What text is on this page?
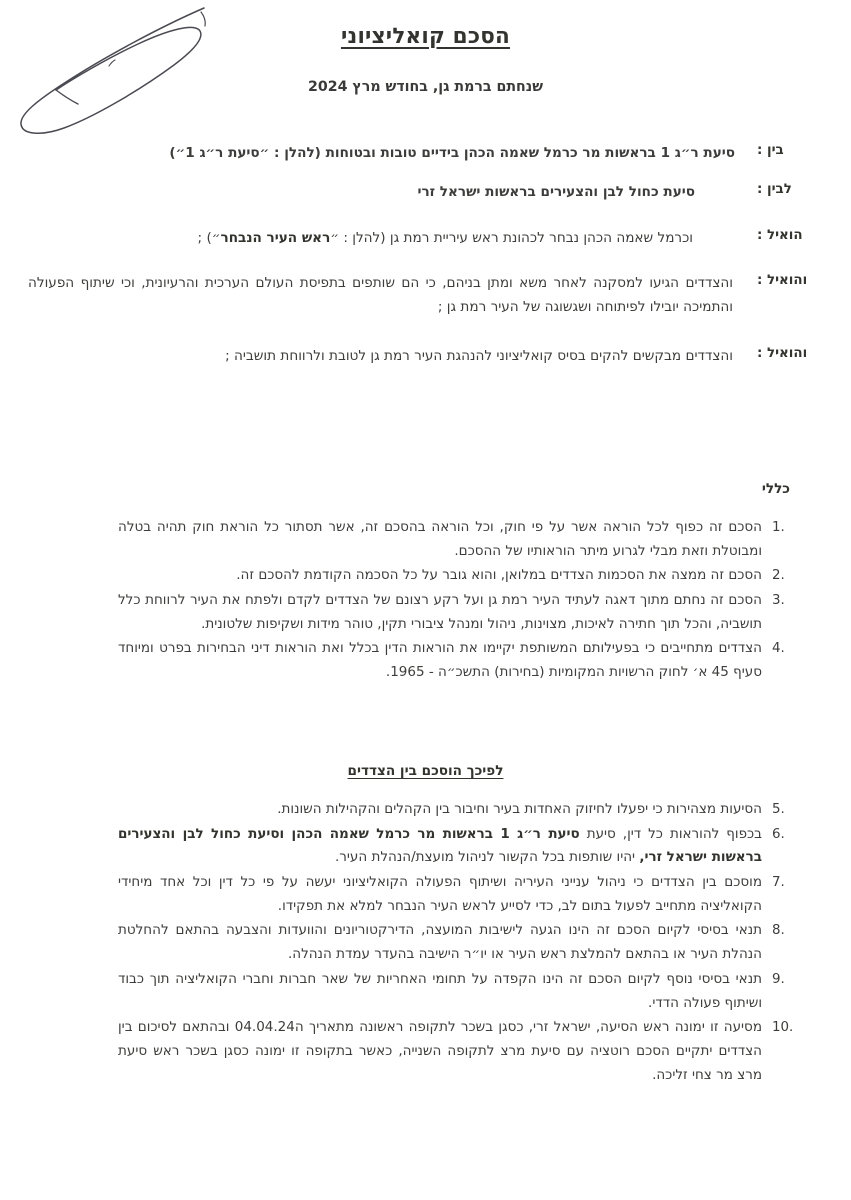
הסכם קואליציוני
שנחתם ברמת גן, בחודש מרץ 2024
בין :
סיעת ר״ג 1 בראשות מר כרמל שאמה הכהן בידיים טובות ובטוחות (להלן : ״סיעת ר״ג 1״)
לבין :
סיעת כחול לבן והצעירים בראשות ישראל זרי
הואיל :
וכרמל שאמה הכהן נבחר לכהונת ראש עיריית רמת גן (להלן : ״ראש העיר הנבחר״) ;
והואיל :
והצדדים הגיעו למסקנה לאחר משא ומתן בניהם, כי הם שותפים בתפיסת העולם הערכית והרעיונית, וכי שיתוף הפעולה והתמיכה יובילו לפיתוחה ושגשוגה של העיר רמת גן ;
והואיל :
והצדדים מבקשים להקים בסיס קואליציוני להנהגת העיר רמת גן לטובת ולרווחת תושביה ;
כללי
1.
הסכם זה כפוף לכל הוראה אשר על פי חוק, וכל הוראה בהסכם זה, אשר תסתור כל הוראת חוק תהיה בטלה ומבוטלת וזאת מבלי לגרוע מיתר הוראותיו של ההסכם.
2.
הסכם זה ממצה את הסכמות הצדדים במלואן, והוא גובר על כל הסכמה הקודמת להסכם זה.
3.
הסכם זה נחתם מתוך דאגה לעתיד העיר רמת גן ועל רקע רצונם של הצדדים לקדם ולפתח את העיר לרווחת כלל תושביה, והכל תוך חתירה לאיכות, מצוינות, ניהול ומנהל ציבורי תקין, טוהר מידות ושקיפות שלטונית.
4.
הצדדים מתחייבים כי בפעילותם המשותפת יקיימו את הוראות הדין בכלל ואת הוראות דיני הבחירות בפרט ומיוחד סעיף 45 א׳ לחוק הרשויות המקומיות (בחירות) התשכ״ה - 1965.
לפיכך הוסכם בין הצדדים
5.
הסיעות מצהירות כי יפעלו לחיזוק האחדות בעיר וחיבור בין הקהלים והקהילות השונות.
6.
בכפוף להוראות כל דין, סיעת סיעת ר״ג 1 בראשות מר כרמל שאמה הכהן וסיעת כחול לבן והצעירים בראשות ישראל זרי, יהיו שותפות בכל הקשור לניהול מועצת/הנהלת העיר.
7.
מוסכם בין הצדדים כי ניהול ענייני העיריה ושיתוף הפעולה הקואליציוני יעשה על פי כל דין וכל אחד מיחידי הקואליציה מתחייב לפעול בתום לב, כדי לסייע לראש העיר הנבחר למלא את תפקידו.
8.
תנאי בסיסי לקיום הסכם זה הינו הגעה לישיבות המועצה, הדירקטוריונים והוועדות והצבעה בהתאם להחלטת הנהלת העיר או בהתאם להמלצת ראש העיר או יו״ר הישיבה בהעדר עמדת הנהלה.
9.
תנאי בסיסי נוסף לקיום הסכם זה הינו הקפדה על תחומי האחריות של שאר חברות וחברי הקואליציה תוך כבוד ושיתוף פעולה הדדי.
10.
מסיעה זו ימונה ראש הסיעה, ישראל זרי, כסגן בשכר לתקופה ראשונה מתאריך ה04.04.24 ובהתאם לסיכום בין הצדדים יתקיים הסכם רוטציה עם סיעת מרצ לתקופה השנייה, כאשר בתקופה זו ימונה כסגן בשכר ראש סיעת מרצ מר צחי זליכה.
